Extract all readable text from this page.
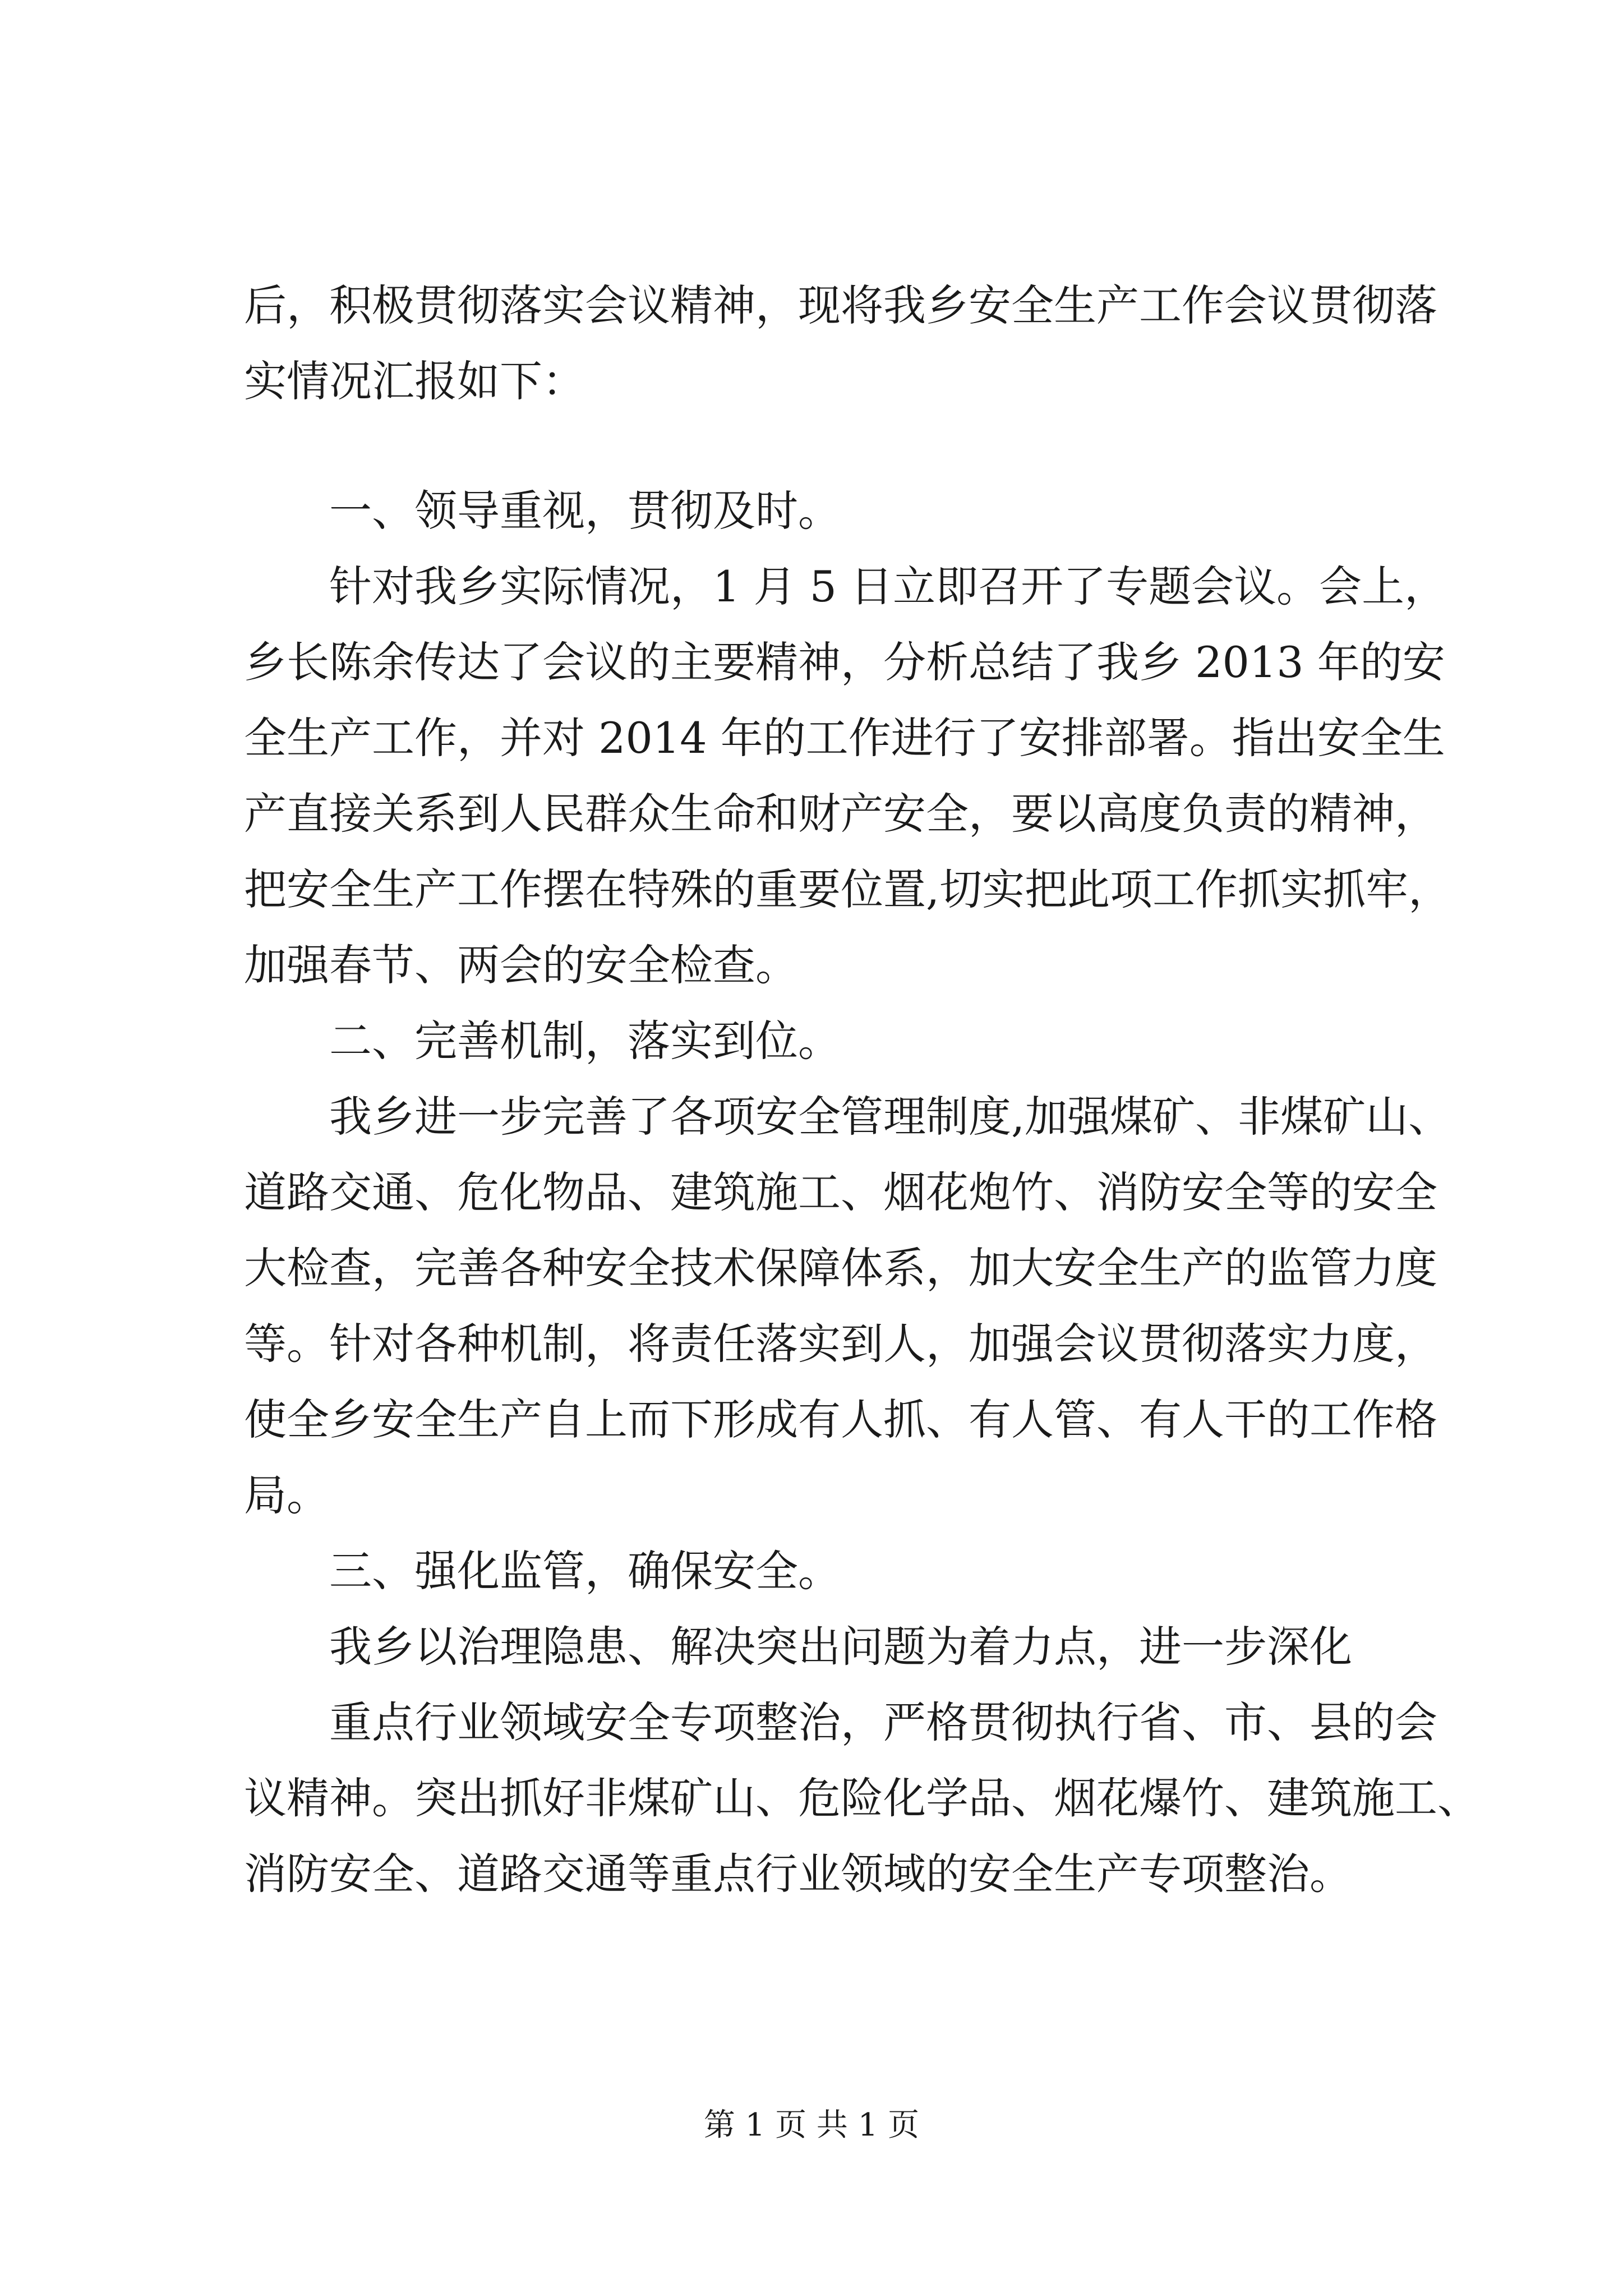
后，积极贯彻落实会议精神，现将我乡安全生产工作会议贯彻落
实情况汇报如下：
一、领导重视，贯彻及时。
针对我乡实际情况，1 月 5 日立即召开了专题会议。会上，
乡长陈余传达了会议的主要精神，分析总结了我乡 2013 年的安
全生产工作，并对 2014 年的工作进行了安排部署。指出安全生
产直接关系到人民群众生命和财产安全，要以高度负责的精神，
把安全生产工作摆在特殊的重要位置,切实把此项工作抓实抓牢，
加强春节、两会的安全检查。
二、完善机制，落实到位。
我乡进一步完善了各项安全管理制度,加强煤矿、非煤矿山、
道路交通、危化物品、建筑施工、烟花炮竹、消防安全等的安全
大检查，完善各种安全技术保障体系，加大安全生产的监管力度
等。针对各种机制，将责任落实到人，加强会议贯彻落实力度，
使全乡安全生产自上而下形成有人抓、有人管、有人干的工作格
局。
三、强化监管，确保安全。
我乡以治理隐患、解决突出问题为着力点，进一步深化
重点行业领域安全专项整治，严格贯彻执行省、市、县的会
议精神。突出抓好非煤矿山、危险化学品、烟花爆竹、建筑施工、
消防安全、道路交通等重点行业领域的安全生产专项整治。
第 1 页 共 1 页
